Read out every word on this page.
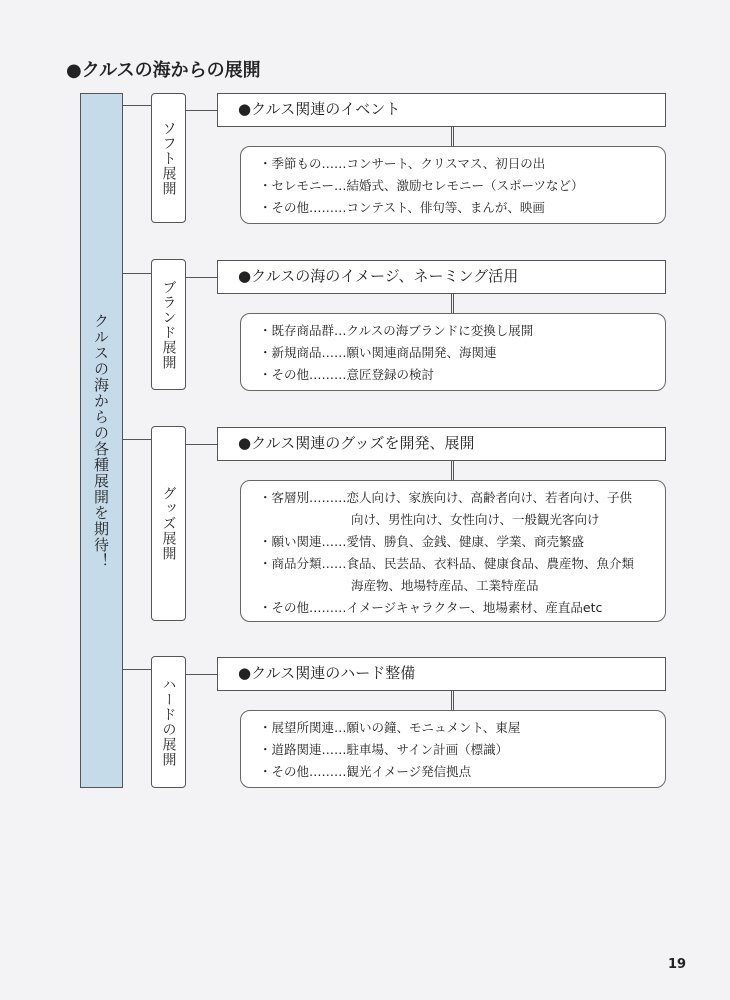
●クルスの海からの展開
クルスの海からの各種展開を期待！
ソフト展開
●クルス関連のイベント
・季節もの……コンサート、クリスマス、初日の出
・セレモニー…結婚式、激励セレモニー（スポーツなど）
・その他………コンテスト、俳句等、まんが、映画
ブランド展開
●クルスの海のイメージ、ネーミング活用
・既存商品群…クルスの海ブランドに変換し展開
・新規商品……願い関連商品開発、海関連
・その他………意匠登録の検討
グッズ展開
●クルス関連のグッズを開発、展開
・客層別………恋人向け、家族向け、高齢者向け、若者向け、子供
向け、男性向け、女性向け、一般観光客向け
・願い関連……愛情、勝負、金銭、健康、学業、商売繁盛
・商品分類……食品、民芸品、衣料品、健康食品、農産物、魚介類
海産物、地場特産品、工業特産品
・その他………イメージキャラクター、地場素材、産直品etc
ハードの展開
●クルス関連のハード整備
・展望所関連…願いの鐘、モニュメント、東屋
・道路関連……駐車場、サイン計画（標識）
・その他………観光イメージ発信拠点
19
